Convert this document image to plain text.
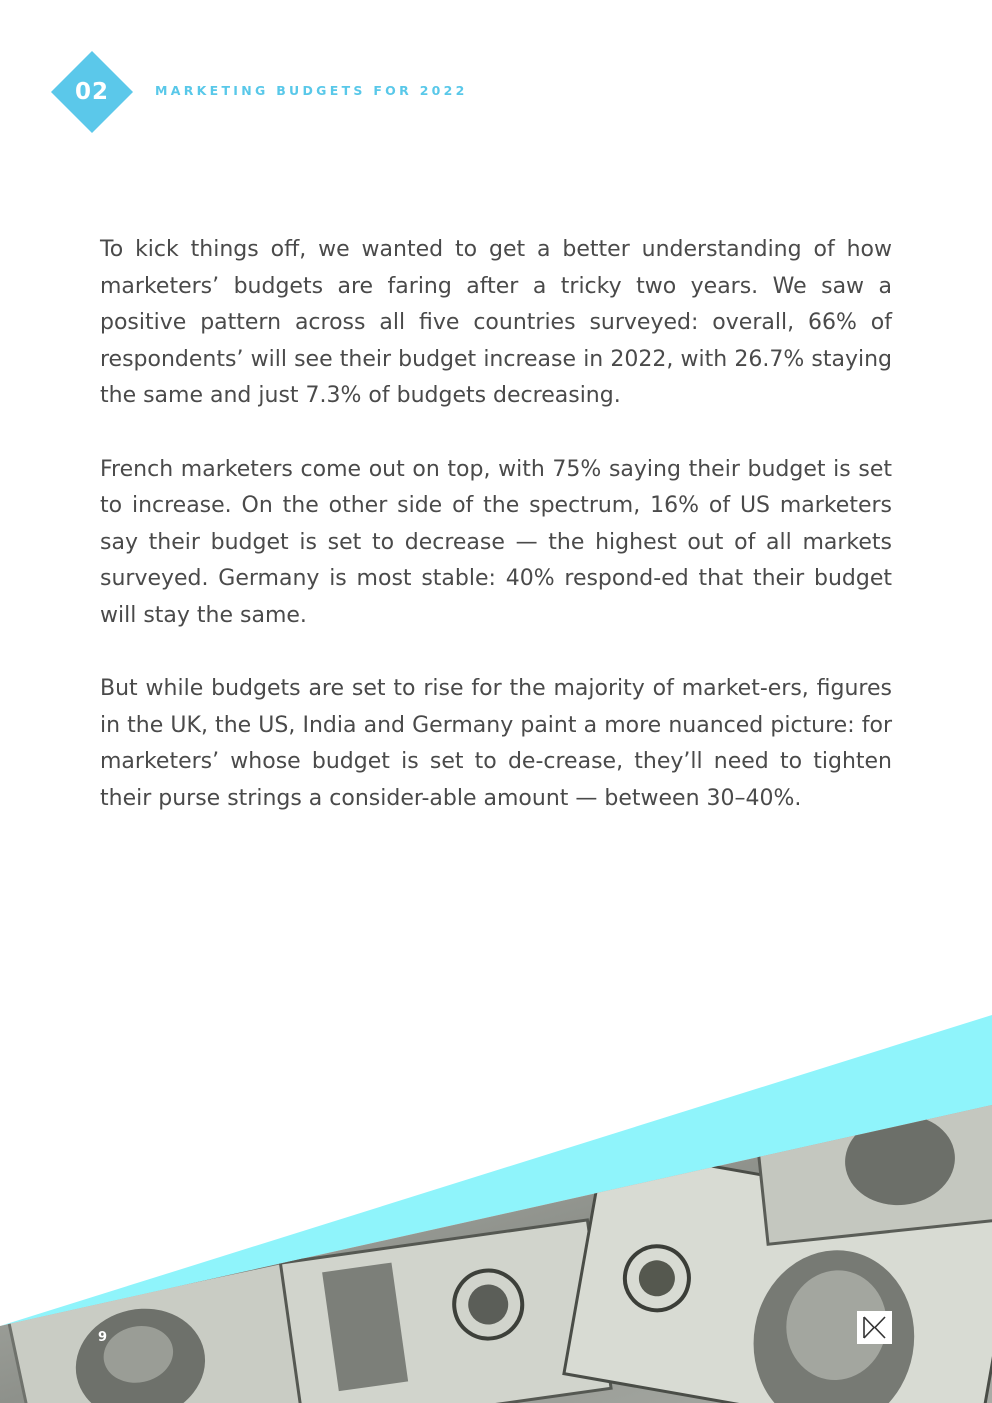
02	MARKETING BUDGETS FOR 2022

To kick things off, we wanted to get a better understanding of how marketers’ budgets are faring after a tricky two years. We saw a positive pattern across all five countries surveyed: overall, 66% of respondents’ will see their budget increase in 2022, with 26.7% staying the same and just 7.3% of budgets decreasing.

French marketers come out on top, with 75% saying their budget is set to increase. On the other side of the spectrum, 16% of US marketers say their budget is set to decrease — the highest out of all markets surveyed. Germany is most stable: 40% respond-ed that their budget will stay the same.

But while budgets are set to rise for the majority of market-ers, figures in the UK, the US, India and Germany paint a more nuanced picture: for marketers’ whose budget is set to de-crease, they’ll need to tighten their purse strings a consider-able amount — between 30–40%.

9
